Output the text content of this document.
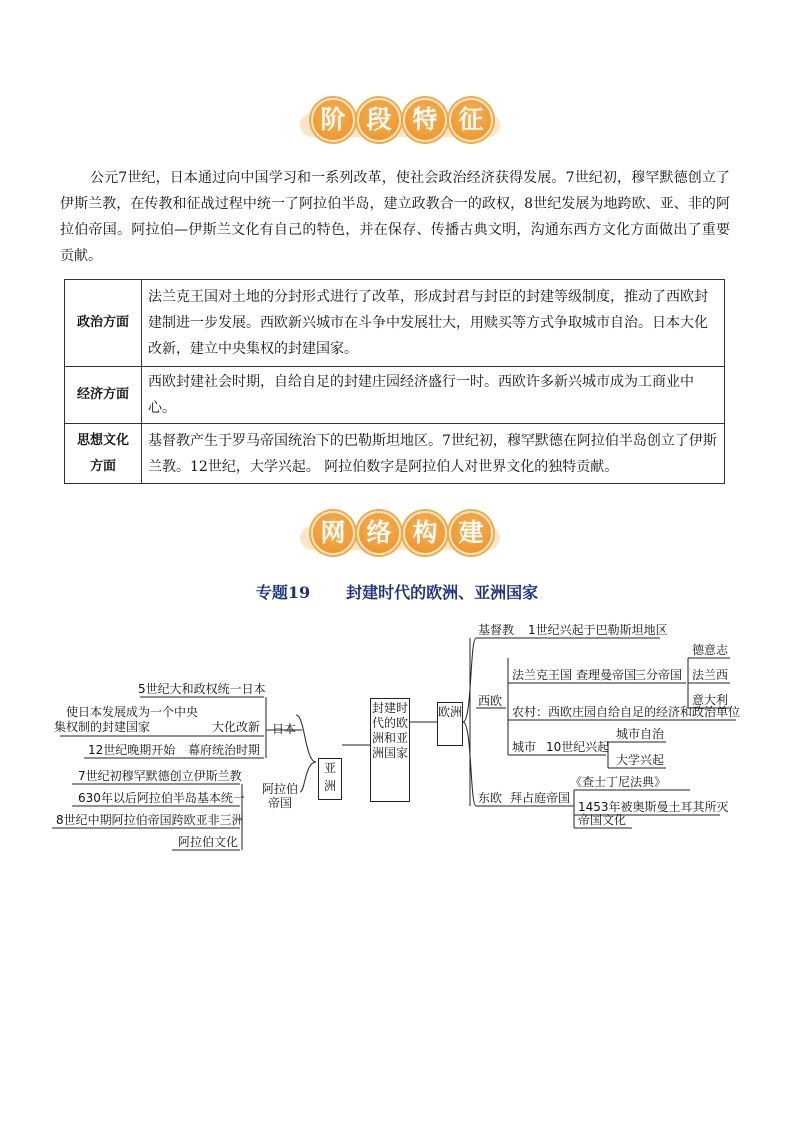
阶 段 特 征

公元7世纪，日本通过向中国学习和一系列改革，使社会政治经济获得发展。7世纪初，穆罕默德创立了伊斯兰教，在传教和征战过程中统一了阿拉伯半岛，建立政教合一的政权，8世纪发展为地跨欧、亚、非的阿拉伯帝国。阿拉伯—伊斯兰文化有自己的特色，并在保存、传播古典文明，沟通东西方文化方面做出了重要贡献。

政治方面	法兰克王国对土地的分封形式进行了改革，形成封君与封臣的封建等级制度，推动了西欧封建制进一步发展。西欧新兴城市在斗争中发展壮大，用赎买等方式争取城市自治。日本大化改新，建立中央集权的封建国家。
经济方面	西欧封建社会时期，自给自足的封建庄园经济盛行一时。西欧许多新兴城市成为工商业中心。
思想文化方面	基督教产生于罗马帝国统治下的巴勒斯坦地区。7世纪初，穆罕默德在阿拉伯半岛创立了伊斯兰教。12世纪，大学兴起。 阿拉伯数字是阿拉伯人对世界文化的独特贡献。
网 络 构 建
专题19 封建时代的欧洲、亚洲国家
封建时代的欧洲和亚洲国家
亚洲
欧洲
日本
5世纪大和政权统一日本
使日本发展成为一个中央
集权制的封建国家	大化改新
12世纪晚期开始 幕府统治时期
阿拉伯帝国
7世纪初穆罕默德创立伊斯兰教
630年以后阿拉伯半岛基本统一
8世纪中期阿拉伯帝国跨欧亚非三洲
阿拉伯文化
基督教 1世纪兴起于巴勒斯坦地区
西欧
法兰克王国 查理曼帝国
三分帝国
德意志
法兰西
意大利
农村：西欧庄园 自给自足的经济和政治单位
城市 10世纪兴起
城市自治
大学兴起
东欧 拜占庭帝国
《查士丁尼法典》
1453年被奥斯曼土耳其所灭
帝国文化
